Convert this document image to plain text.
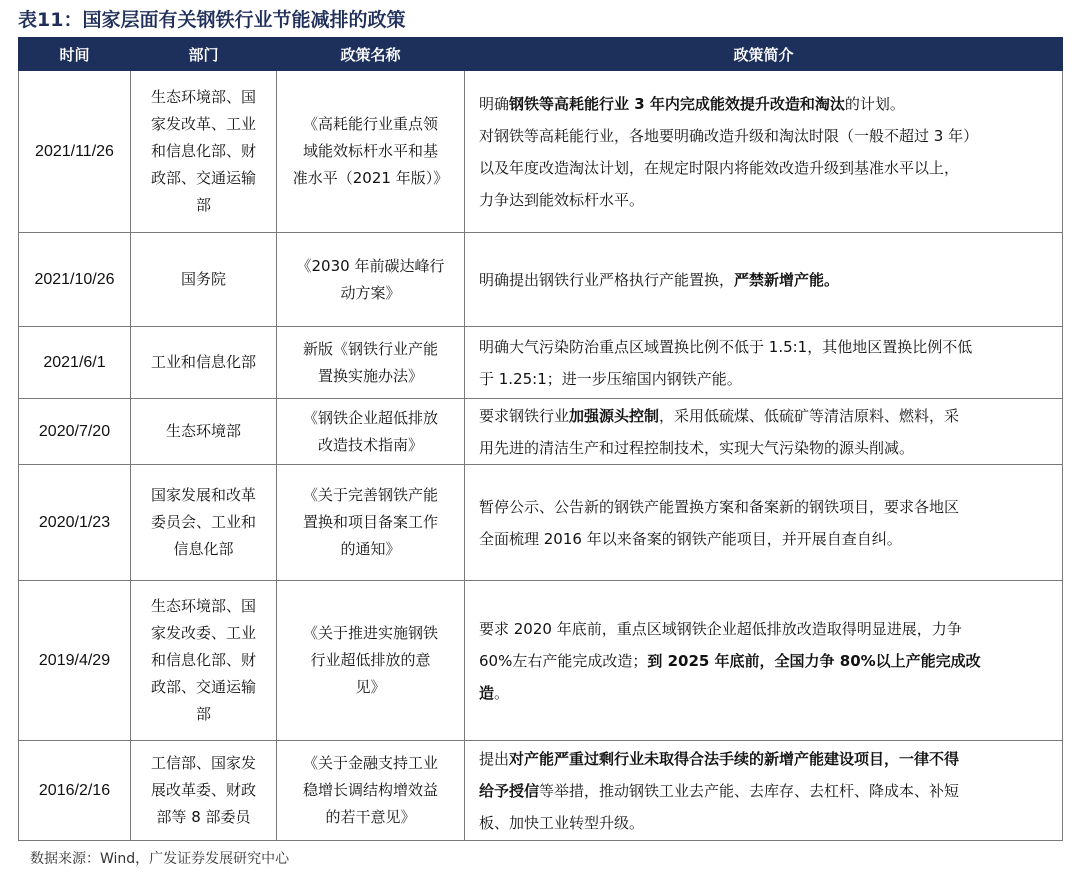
表11：国家层面有关钢铁行业节能减排的政策
时间	部门	政策名称	政策简介
2021/11/26	生态环境部、国
家发改革、工业
和信息化部、财
政部、交通运输
部	《高耗能行业重点领
域能效标杆水平和基
准水平（2021 年版）》	明确钢铁等高耗能行业 3 年内完成能效提升改造和淘汰的计划。
对钢铁等高耗能行业，各地要明确改造升级和淘汰时限（一般不超过 3 年）
以及年度改造淘汰计划，在规定时限内将能效改造升级到基准水平以上，
力争达到能效标杆水平。

2021/10/26	国务院	《2030 年前碳达峰行
动方案》	明确提出钢铁行业严格执行产能置换，严禁新增产能。

2021/6/1	工业和信息化部	新版《钢铁行业产能
置换实施办法》	明确大气污染防治重点区域置换比例不低于 1.5:1，其他地区置换比例不低
于 1.25:1；进一步压缩国内钢铁产能。

2020/7/20	生态环境部	《钢铁企业超低排放
改造技术指南》	要求钢铁行业加强源头控制，采用低硫煤、低硫矿等清洁原料、燃料，采
用先进的清洁生产和过程控制技术，实现大气污染物的源头削减。

2020/1/23	国家发展和改革
委员会、工业和
信息化部	《关于完善钢铁产能
置换和项目备案工作
的通知》	暂停公示、公告新的钢铁产能置换方案和备案新的钢铁项目，要求各地区
全面梳理 2016 年以来备案的钢铁产能项目，并开展自查自纠。

2019/4/29	生态环境部、国
家发改委、工业
和信息化部、财
政部、交通运输
部	《关于推进实施钢铁
行业超低排放的意
见》	要求 2020 年底前，重点区域钢铁企业超低排放改造取得明显进展，力争
60%左右产能完成改造；到 2025 年底前，全国力争 80%以上产能完成改
造。

2016/2/16	工信部、国家发
展改革委、财政
部等 8 部委员	《关于金融支持工业
稳增长调结构增效益
的若干意见》	提出对产能严重过剩行业未取得合法手续的新增产能建设项目，一律不得
给予授信等举措，推动钢铁工业去产能、去库存、去杠杆、降成本、补短
板、加快工业转型升级。
数据来源：Wind，广发证券发展研究中心
